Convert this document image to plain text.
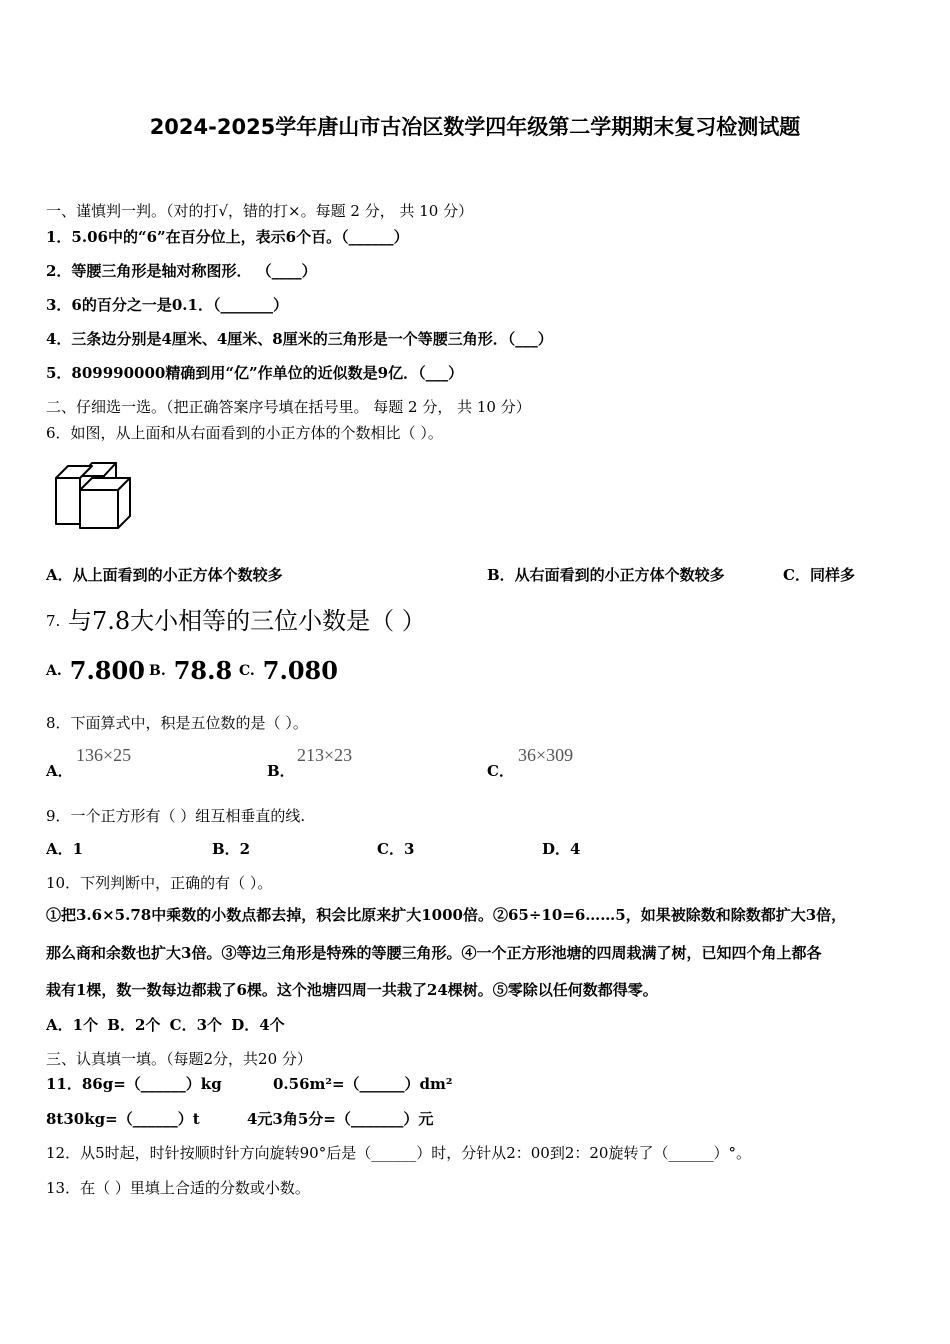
2024-2025学年唐山市古冶区数学四年级第二学期期末复习检测试题
一、谨慎判一判。（对的打√，错的打×。每题 2 分， 共 10 分）
1．5.06中的“6”在百分位上，表示6个百。（______）
2．等腰三角形是轴对称图形． （____）
3．6的百分之一是0.1．（_______）
4．三条边分别是4厘米、4厘米、8厘米的三角形是一个等腰三角形．（___）
5．809990000精确到用“亿”作单位的近似数是9亿．（___）
二、仔细选一选。（把正确答案序号填在括号里。 每题 2 分， 共 10 分）
6．如图，从上面和从右面看到的小正方体的个数相比（ ）。
A．从上面看到的小正方体个数较多	B．从右面看到的小正方体个数较多	C．同样多
7. 与7.8大小相等的三位小数是（ ）
A. 7.800 B. 78.8 C. 7.080
8．下面算式中，积是五位数的是（ ）。
A．
136×25
B．
213×23
C．
36×309
9．一个正方形有（ ）组互相垂直的线.
A．1	B．2	C．3	D．4
10．下列判断中，正确的有（ ）。
①把3.6×5.78中乘数的小数点都去掉，积会比原来扩大1000倍。②65÷10=6……5，如果被除数和除数都扩大3倍，
那么商和余数也扩大3倍。③等边三角形是特殊的等腰三角形。④一个正方形池塘的四周栽满了树，已知四个角上都各
栽有1棵，数一数每边都栽了6棵。这个池塘四周一共栽了24棵树。⑤零除以任何数都得零。
A．1个 B．2个 C．3个 D．4个
三、认真填一填。（每题2分，共20 分）
11．86g=（______）kg	0.56m²=（______）dm²
8t30kg=（______）t	4元3角5分=（_______）元
12．从5时起，时针按顺时针方向旋转90°后是（______）时，分针从2：00到2：20旋转了（______）°。
13．在（ ）里填上合适的分数或小数。
